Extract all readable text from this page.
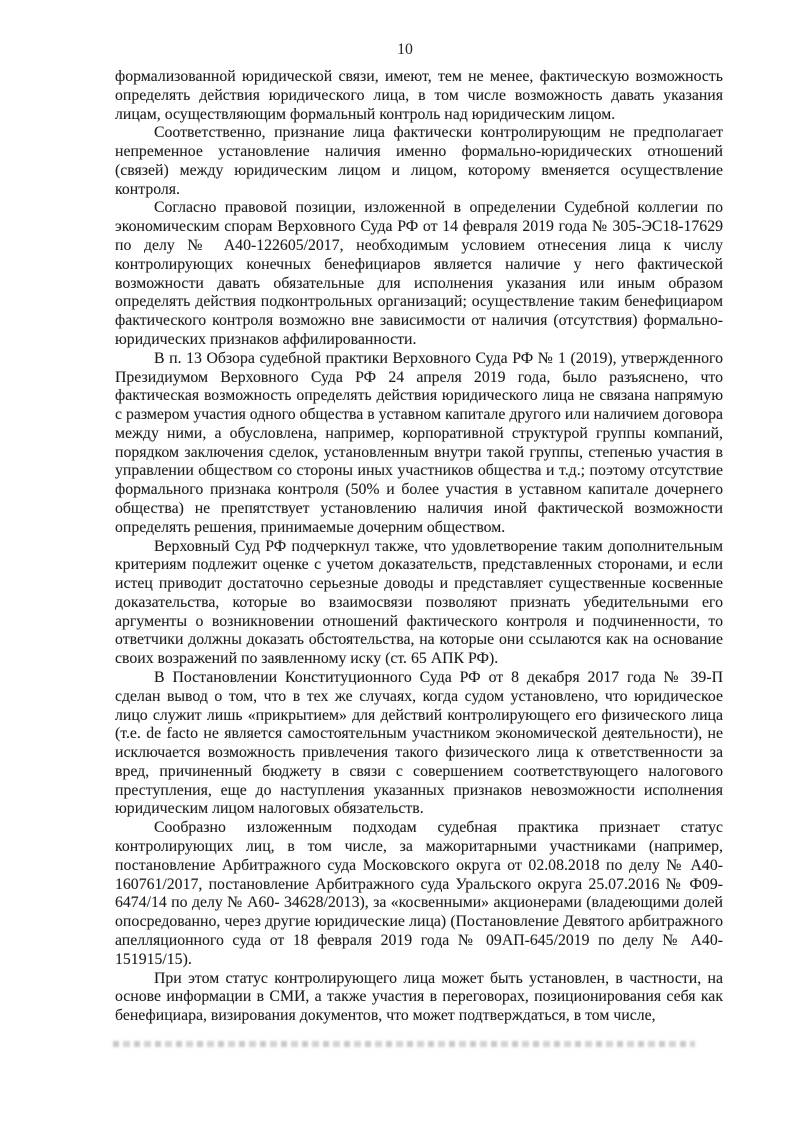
10

формализованной юридической связи, имеют, тем не менее, фактическую возможность определять действия юридического лица, в том числе возможность давать указания лицам, осуществляющим формальный контроль над юридическим лицом.

Соответственно, признание лица фактически контролирующим не предполагает непременное установление наличия именно формально-юридических отношений (связей) между юридическим лицом и лицом, которому вменяется осуществление контроля.

Согласно правовой позиции, изложенной в определении Судебной коллегии по экономическим спорам Верховного Суда РФ от 14 февраля 2019 года № 305-ЭС18-17629 по делу № А40-122605/2017, необходимым условием отнесения лица к числу контролирующих конечных бенефициаров является наличие у него фактической возможности давать обязательные для исполнения указания или иным образом определять действия подконтрольных организаций; осуществление таким бенефициаром фактического контроля возможно вне зависимости от наличия (отсутствия) формально-юридических признаков аффилированности.

В п. 13 Обзора судебной практики Верховного Суда РФ № 1 (2019), утвержденного Президиумом Верховного Суда РФ 24 апреля 2019 года, было разъяснено, что фактическая возможность определять действия юридического лица не связана напрямую с размером участия одного общества в уставном капитале другого или наличием договора между ними, а обусловлена, например, корпоративной структурой группы компаний, порядком заключения сделок, установленным внутри такой группы, степенью участия в управлении обществом со стороны иных участников общества и т.д.; поэтому отсутствие формального признака контроля (50% и более участия в уставном капитале дочернего общества) не препятствует установлению наличия иной фактической возможности определять решения, принимаемые дочерним обществом.

Верховный Суд РФ подчеркнул также, что удовлетворение таким дополнительным критериям подлежит оценке с учетом доказательств, представленных сторонами, и если истец приводит достаточно серьезные доводы и представляет существенные косвенные доказательства, которые во взаимосвязи позволяют признать убедительными его аргументы о возникновении отношений фактического контроля и подчиненности, то ответчики должны доказать обстоятельства, на которые они ссылаются как на основание своих возражений по заявленному иску (ст. 65 АПК РФ).

В Постановлении Конституционного Суда РФ от 8 декабря 2017 года № 39-П сделан вывод о том, что в тех же случаях, когда судом установлено, что юридическое лицо служит лишь «прикрытием» для действий контролирующего его физического лица (т.е. de facto не является самостоятельным участником экономической деятельности), не исключается возможность привлечения такого физического лица к ответственности за вред, причиненный бюджету в связи с совершением соответствующего налогового преступления, еще до наступления указанных признаков невозможности исполнения юридическим лицом налоговых обязательств.

Сообразно изложенным подходам судебная практика признает статус контролирующих лиц, в том числе, за мажоритарными участниками (например, постановление Арбитражного суда Московского округа от 02.08.2018 по делу № А40-160761/2017, постановление Арбитражного суда Уральского округа 25.07.2016 № Ф09-6474/14 по делу № А60- 34628/2013), за «косвенными» акционерами (владеющими долей опосредованно, через другие юридические лица) (Постановление Девятого арбитражного апелляционного суда от 18 февраля 2019 года № 09АП-645/2019 по делу № А40-151915/15).

При этом статус контролирующего лица может быть установлен, в частности, на основе информации в СМИ, а также участия в переговорах, позиционирования себя как бенефициара, визирования документов, что может подтверждаться, в том числе,
